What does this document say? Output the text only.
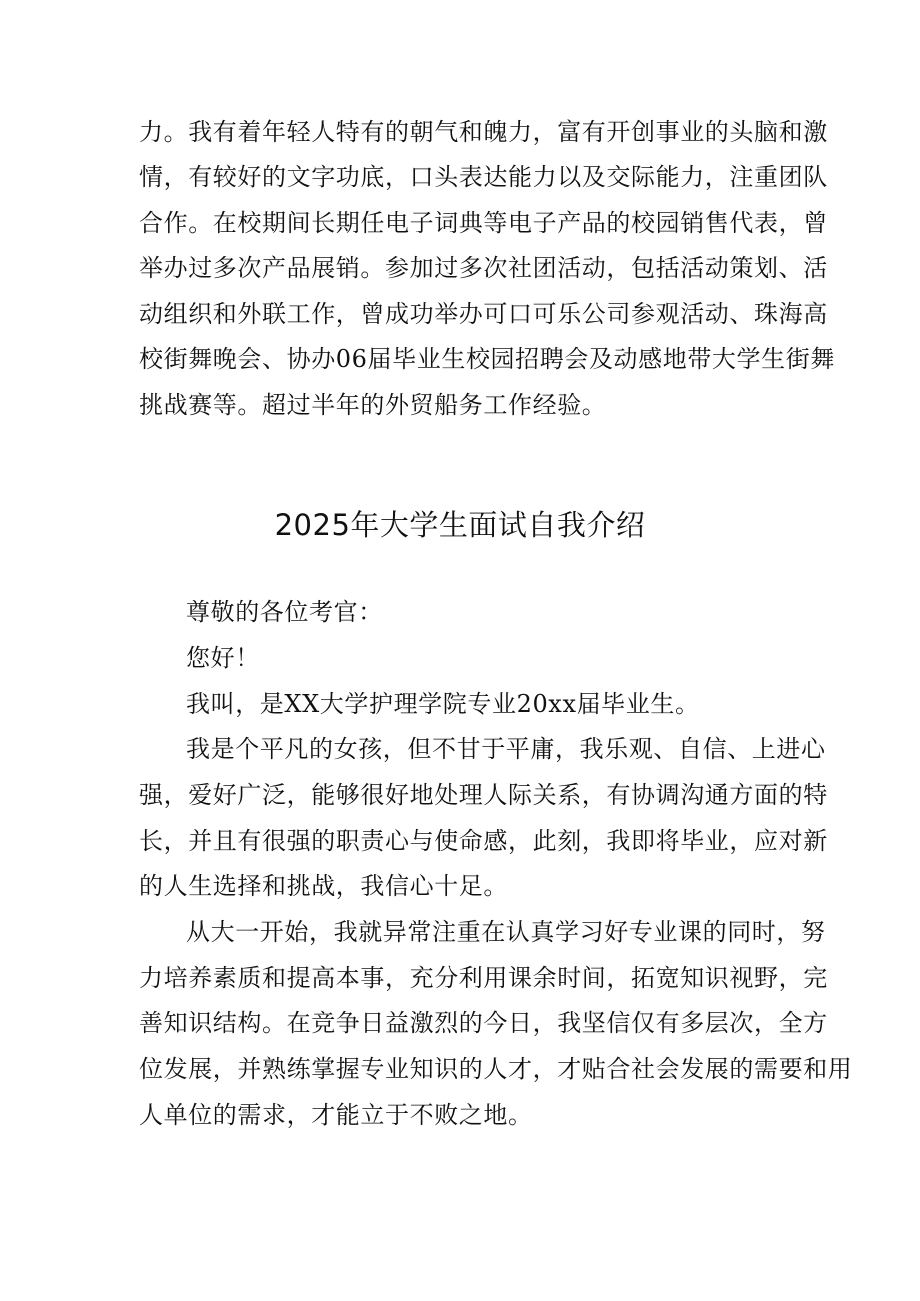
力。我有着年轻人特有的朝气和魄力，富有开创事业的头脑和激
情，有较好的文字功底，口头表达能力以及交际能力，注重团队
合作。在校期间长期任电子词典等电子产品的校园销售代表，曾
举办过多次产品展销。参加过多次社团活动，包括活动策划、活
动组织和外联工作，曾成功举办可口可乐公司参观活动、珠海高
校街舞晚会、协办06届毕业生校园招聘会及动感地带大学生街舞
挑战赛等。超过半年的外贸船务工作经验。
2025年大学生面试自我介绍
尊敬的各位考官：
您好！
我叫，是XX大学护理学院专业20xx届毕业生。
我是个平凡的女孩，但不甘于平庸，我乐观、自信、上进心
强，爱好广泛，能够很好地处理人际关系，有协调沟通方面的特
长，并且有很强的职责心与使命感，此刻，我即将毕业，应对新
的人生选择和挑战，我信心十足。
从大一开始，我就异常注重在认真学习好专业课的同时，努
力培养素质和提高本事，充分利用课余时间，拓宽知识视野，完
善知识结构。在竞争日益激烈的今日，我坚信仅有多层次，全方
位发展，并熟练掌握专业知识的人才，才贴合社会发展的需要和用
人单位的需求，才能立于不败之地。
